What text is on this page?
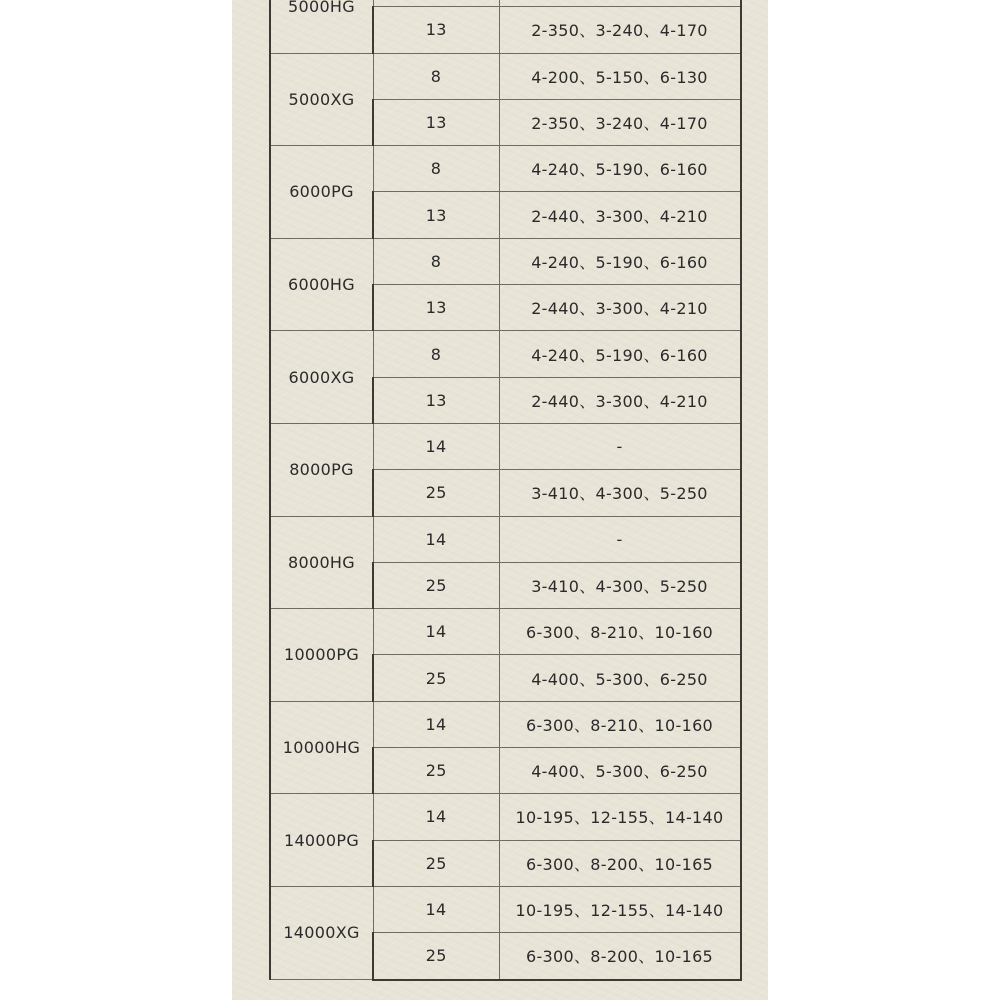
5000HG		
	13	2-350、3-240、4-170
5000XG	8	4-200、5-150、6-130
	13	2-350、3-240、4-170
6000PG	8	4-240、5-190、6-160
	13	2-440、3-300、4-210
6000HG	8	4-240、5-190、6-160
	13	2-440、3-300、4-210
6000XG	8	4-240、5-190、6-160
	13	2-440、3-300、4-210
8000PG	14	-
	25	3-410、4-300、5-250
8000HG	14	-
	25	3-410、4-300、5-250
10000PG	14	6-300、8-210、10-160
	25	4-400、5-300、6-250
10000HG	14	6-300、8-210、10-160
	25	4-400、5-300、6-250
14000PG	14	10-195、12-155、14-140
	25	6-300、8-200、10-165
14000XG	14	10-195、12-155、14-140
	25	6-300、8-200、10-165
